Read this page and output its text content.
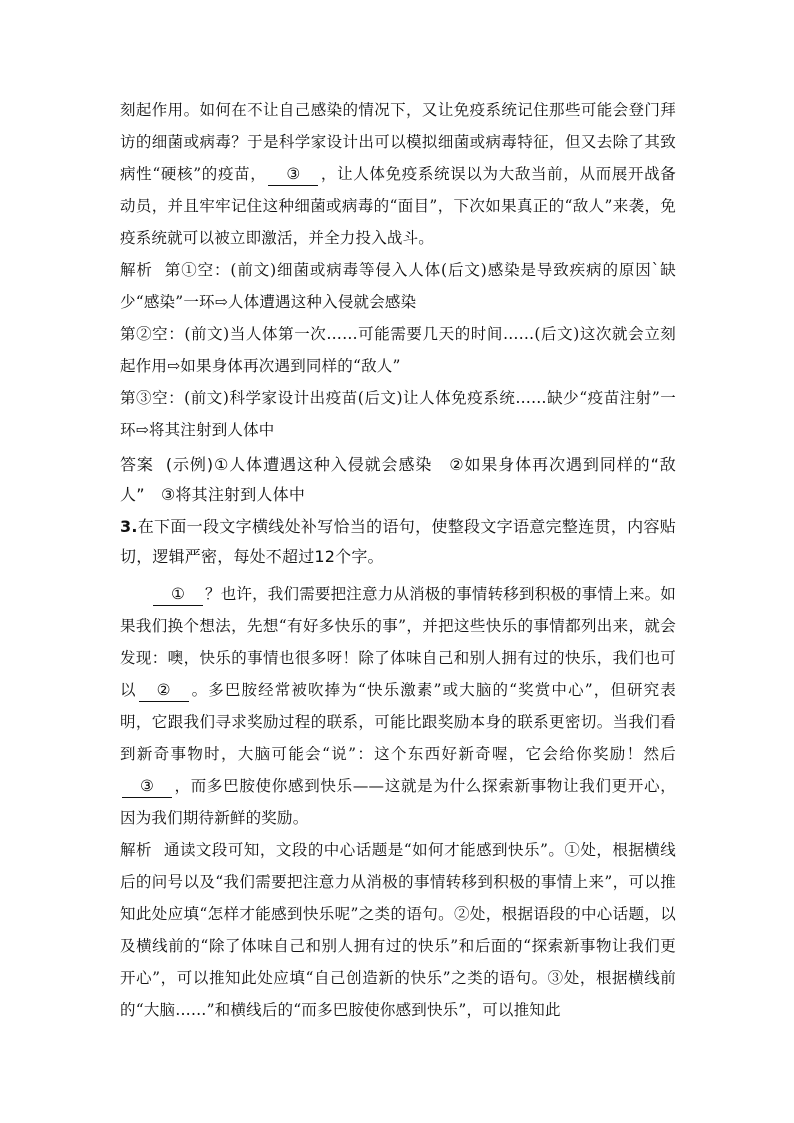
刻起作用。如何在不让自己感染的情况下，又让免疫系统记住那些可能会登门拜访的细菌或病毒？于是科学家设计出可以模拟细菌或病毒特征，但又去除了其致病性“硬核”的疫苗， ③ ，让人体免疫系统误以为大敌当前，从而展开战备动员，并且牢牢记住这种细菌或病毒的“面目”，下次如果真正的“敌人”来袭，免疫系统就可以被立即激活，并全力投入战斗。

解析 第①空：(前文)细菌或病毒等侵入人体(后文)感染是导致疾病的原因`缺少“感染”一环⇨人体遭遇这种入侵就会感染

第②空：(前文)当人体第一次……可能需要几天的时间……(后文)这次就会立刻起作用⇨如果身体再次遇到同样的“敌人”

第③空：(前文)科学家设计出疫苗(后文)让人体免疫系统……缺少“疫苗注射”一环⇨将其注射到人体中

答案 (示例)①人体遭遇这种入侵就会感染　②如果身体再次遇到同样的“敌人”　③将其注射到人体中

3.在下面一段文字横线处补写恰当的语句，使整段文字语意完整连贯，内容贴切，逻辑严密，每处不超过12个字。

① ？也许，我们需要把注意力从消极的事情转移到积极的事情上来。如果我们换个想法，先想“有好多快乐的事”，并把这些快乐的事情都列出来，就会发现：噢，快乐的事情也很多呀！除了体味自己和别人拥有过的快乐，我们也可以 ② 。多巴胺经常被吹捧为“快乐激素”或大脑的“奖赏中心”，但研究表明，它跟我们寻求奖励过程的联系，可能比跟奖励本身的联系更密切。当我们看到新奇事物时，大脑可能会“说”：这个东西好新奇喔，它会给你奖励！然后③ ，而多巴胺使你感到快乐——这就是为什么探索新事物让我们更开心，因为我们期待新鲜的奖励。

解析 通读文段可知，文段的中心话题是“如何才能感到快乐”。①处，根据横线后的问号以及“我们需要把注意力从消极的事情转移到积极的事情上来”，可以推知此处应填“怎样才能感到快乐呢”之类的语句。②处，根据语段的中心话题，以及横线前的“除了体味自己和别人拥有过的快乐”和后面的“探索新事物让我们更开心”，可以推知此处应填“自己创造新的快乐”之类的语句。③处，根据横线前的“大脑……”和横线后的“而多巴胺使你感到快乐”，可以推知此
